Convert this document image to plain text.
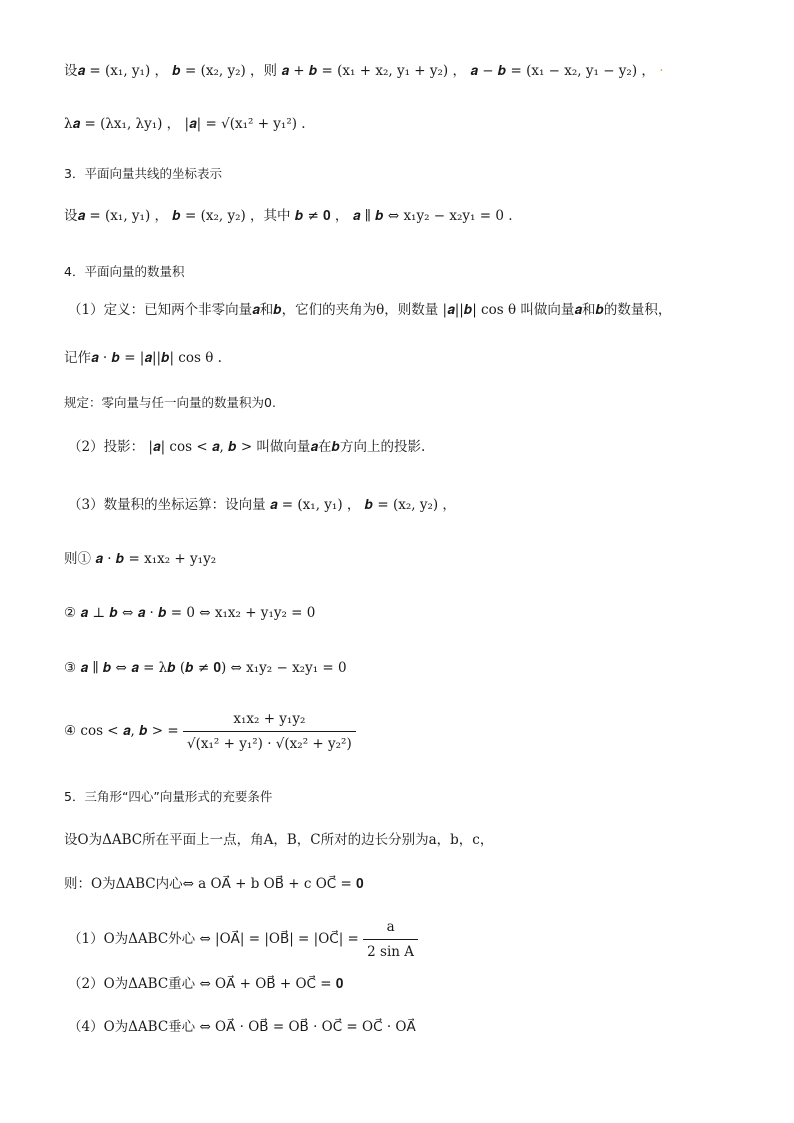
设𝒂 = (x₁, y₁) ， 𝒃 = (x₂, y₂) ，则 𝒂 + 𝒃 = (x₁ + x₂, y₁ + y₂) ， 𝒂 − 𝒃 = (x₁ − x₂, y₁ − y₂) ， ·
λ𝒂 = (λx₁, λy₁) ， |𝒂| = √(x₁² + y₁²) .
3．平面向量共线的坐标表示
设𝒂 = (x₁, y₁) ， 𝒃 = (x₂, y₂) ，其中 𝒃 ≠ 𝟎 ， 𝒂 ∥ 𝒃 ⇔ x₁y₂ − x₂y₁ = 0 .
4．平面向量的数量积
（1）定义：已知两个非零向量𝒂和𝒃，它们的夹角为θ，则数量 |𝒂||𝒃| cos θ 叫做向量𝒂和𝒃的数量积，
记作𝒂 · 𝒃 = |𝒂||𝒃| cos θ .
规定：零向量与任一向量的数量积为0.
（2）投影： |𝒂| cos < 𝒂, 𝒃 > 叫做向量𝒂在𝒃方向上的投影.
（3）数量积的坐标运算：设向量 𝒂 = (x₁, y₁) ， 𝒃 = (x₂, y₂) ，
则① 𝒂 · 𝒃 = x₁x₂ + y₁y₂
② 𝒂 ⊥ 𝒃 ⇔ 𝒂 · 𝒃 = 0 ⇔ x₁x₂ + y₁y₂ = 0
③ 𝒂 ∥ 𝒃 ⇔ 𝒂 = λ𝒃 (𝒃 ≠ 𝟎) ⇔ x₁y₂ − x₂y₁ = 0
④ cos < 𝒂, 𝒃 > = $\frac{\text{x₁x₂ + y₁y₂}}{\text{√(x₁² + y₁²) · √(x₂² + y₂²)}}$
5．三角形“四心”向量形式的充要条件
设O为ΔABC所在平面上一点，角A，B，C所对的边长分别为a，b，c，
则：O为ΔABC内心⇔ a OA⃗ + b OB⃗ + c OC⃗ = 𝟎
（1）O为ΔABC外心 ⇔ |OA⃗| = |OB⃗| = |OC⃗| = $\frac{a}{\text{2 sin A}}$
（2）O为ΔABC重心 ⇔ OA⃗ + OB⃗ + OC⃗ = 𝟎
（4）O为ΔABC垂心 ⇔ OA⃗ · OB⃗ = OB⃗ · OC⃗ = OC⃗ · OA⃗
